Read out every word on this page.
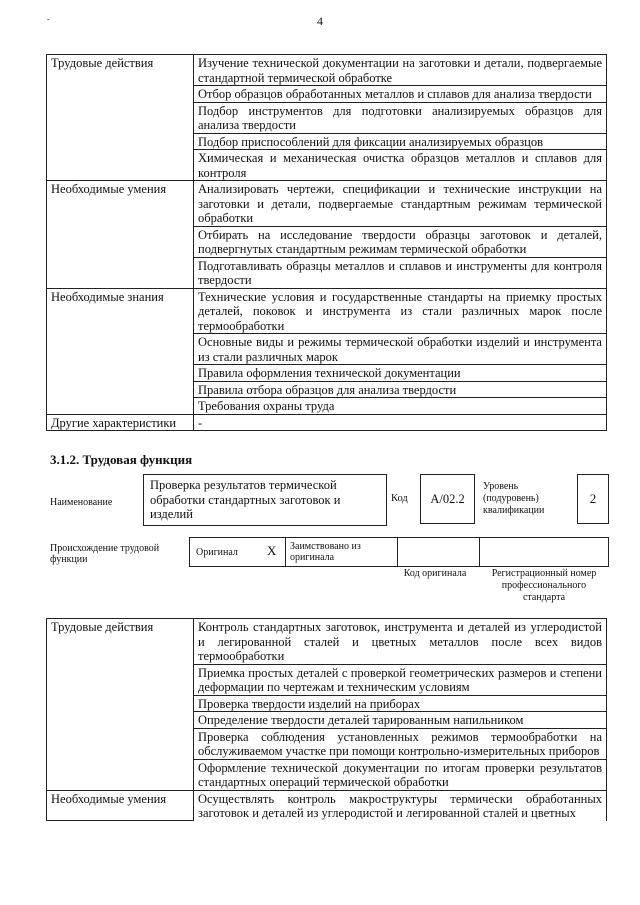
-	4
Трудовые действия	Изучение технической документации на заготовки и детали, подвергаемые стандартной термической обработке
	Отбор образцов обработанных металлов и сплавов для анализа твердости
	Подбор инструментов для подготовки анализируемых образцов для анализа твердости
	Подбор приспособлений для фиксации анализируемых образцов
	Химическая и механическая очистка образцов металлов и сплавов для контроля
Необходимые умения	Анализировать чертежи, спецификации и технические инструкции на заготовки и детали, подвергаемые стандартным режимам термической обработки
	Отбирать на исследование твердости образцы заготовок и деталей, подвергнутых стандартным режимам термической обработки
	Подготавливать образцы металлов и сплавов и инструменты для контроля твердости
Необходимые знания	Технические условия и государственные стандарты на приемку простых деталей, поковок и инструмента из стали различных марок после термообработки
	Основные виды и режимы термической обработки изделий и инструмента из стали различных марок
	Правила оформления технической документации
	Правила отбора образцов для анализа твердости
	Требования охраны труда
Другие характеристики	-
3.1.2. Трудовая функция
Наименование
Проверка результатов термической обработки стандартных заготовок и изделий
Код	А/02.2
Уровень (подуровень) квалификации
2
Происхождение трудовой функции
Оригинал X Заимствовано из оригинала
Код оригинала	Регистрационный номер профессионального стандарта
Трудовые действия	Контроль стандартных заготовок, инструмента и деталей из углеродистой и легированной сталей и цветных металлов после всех видов термообработки
	Приемка простых деталей с проверкой геометрических размеров и степени деформации по чертежам и техническим условиям
	Проверка твердости изделий на приборах
	Определение твердости деталей тарированным напильником
	Проверка соблюдения установленных режимов термообработки на обслуживаемом участке при помощи контрольно-измерительных приборов
	Оформление технической документации по итогам проверки результатов стандартных операций термической обработки
Необходимые умения	Осуществлять контроль макроструктуры термически обработанных заготовок и деталей из углеродистой и легированной сталей и цветных
